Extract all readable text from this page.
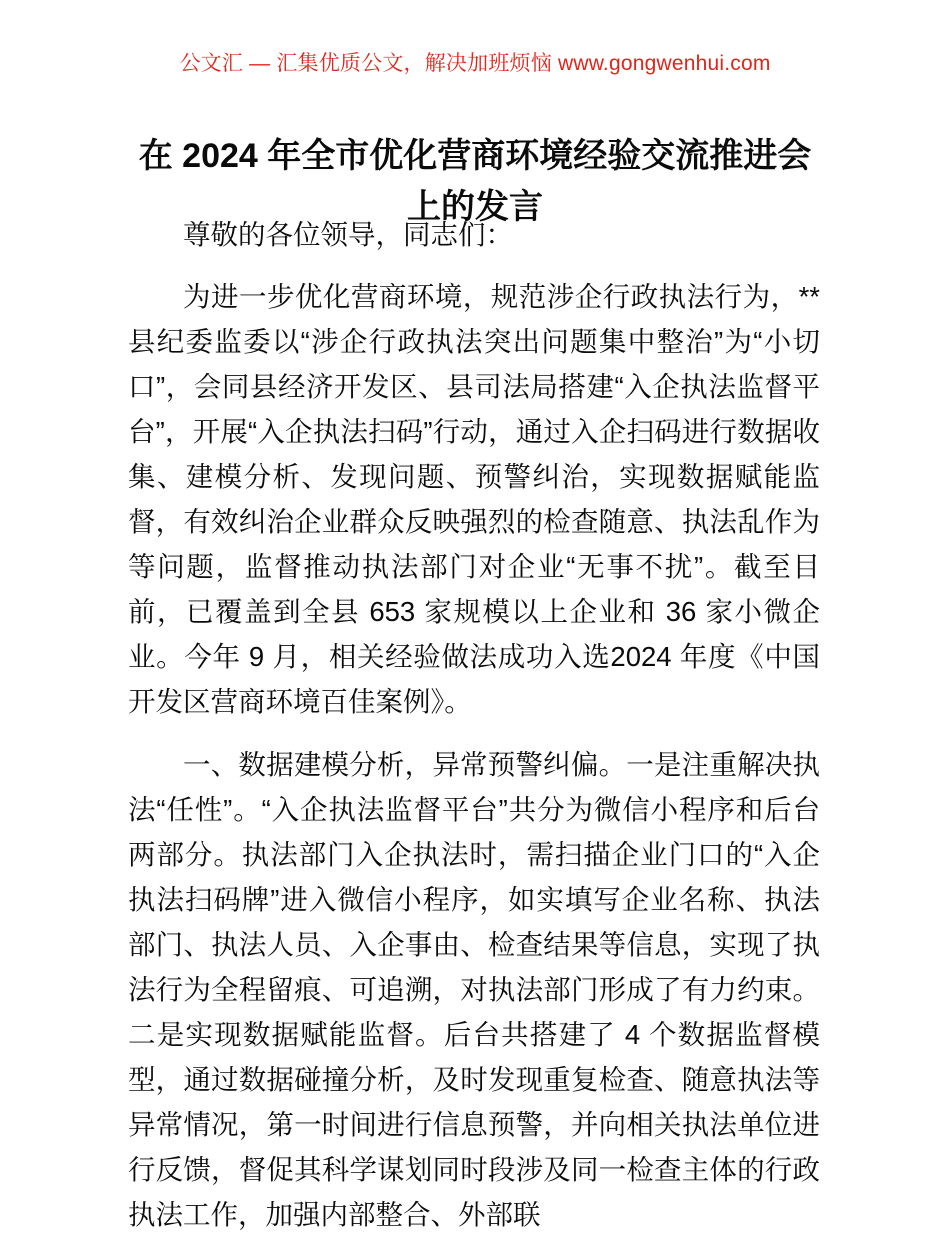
公文汇 — 汇集优质公文，解决加班烦恼 www.gongwenhui.com
在 2024 年全市优化营商环境经验交流推进会上的发言

尊敬的各位领导，同志们：

为进一步优化营商环境，规范涉企行政执法行为，**县纪委监委以“涉企行政执法突出问题集中整治”为“小切口”，会同县经济开发区、县司法局搭建“入企执法监督平台”，开展“入企执法扫码”行动，通过入企扫码进行数据收集、建模分析、发现问题、预警纠治，实现数据赋能监督，有效纠治企业群众反映强烈的检查随意、执法乱作为等问题，监督推动执法部门对企业“无事不扰”。截至目前，已覆盖到全县 653 家规模以上企业和 36 家小微企业。今年 9 月，相关经验做法成功入选2024 年度《中国开发区营商环境百佳案例》。

一、数据建模分析，异常预警纠偏。一是注重解决执法“任性”。“入企执法监督平台”共分为微信小程序和后台两部分。执法部门入企执法时，需扫描企业门口的“入企执法扫码牌”进入微信小程序，如实填写企业名称、执法部门、执法人员、入企事由、检查结果等信息，实现了执法行为全程留痕、可追溯，对执法部门形成了有力约束。二是实现数据赋能监督。后台共搭建了 4 个数据监督模型，通过数据碰撞分析，及时发现重复检查、随意执法等异常情况，第一时间进行信息预警，并向相关执法单位进行反馈，督促其科学谋划同时段涉及同一检查主体的行政执法工作，加强内部整合、外部联
